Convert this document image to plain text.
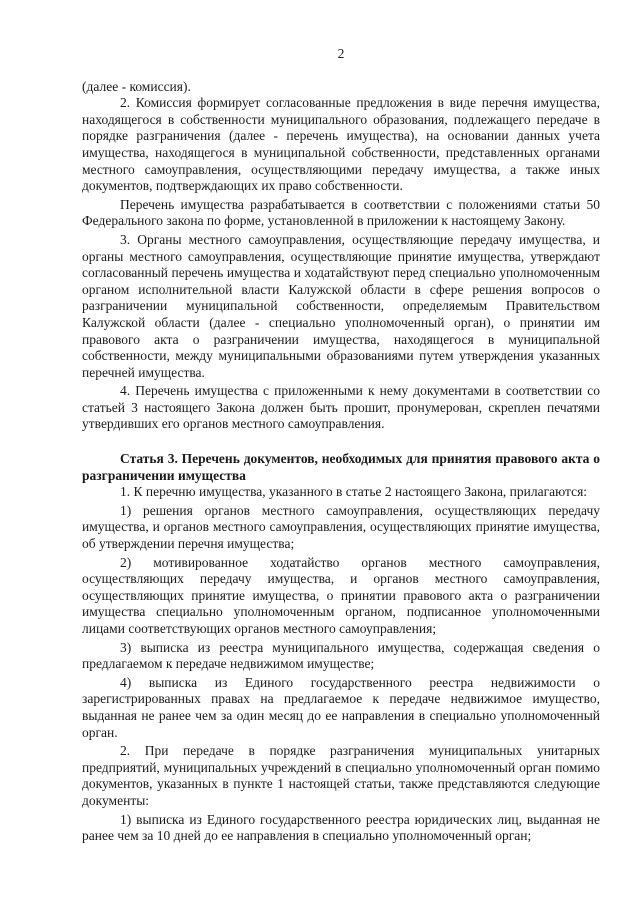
2
(далее - комиссия).
2. Комиссия формирует согласованные предложения в виде перечня имущества, находящегося в собственности муниципального образования, подлежащего передаче в порядке разграничения (далее - перечень имущества), на основании данных учета имущества, находящегося в муниципальной собственности, представленных органами местного самоуправления, осуществляющими передачу имущества, а также иных документов, подтверждающих их право собственности.
Перечень имущества разрабатывается в соответствии с положениями статьи 50 Федерального закона по форме, установленной в приложении к настоящему Закону.
3. Органы местного самоуправления, осуществляющие передачу имущества, и органы местного самоуправления, осуществляющие принятие имущества, утверждают согласованный перечень имущества и ходатайствуют перед специально уполномоченным органом исполнительной власти Калужской области в сфере решения вопросов о разграничении муниципальной собственности, определяемым Правительством Калужской области (далее - специально уполномоченный орган), о принятии им правового акта о разграничении имущества, находящегося в муниципальной собственности, между муниципальными образованиями путем утверждения указанных перечней имущества.
4. Перечень имущества с приложенными к нему документами в соответствии со статьей 3 настоящего Закона должен быть прошит, пронумерован, скреплен печатями утвердивших его органов местного самоуправления.
Статья 3. Перечень документов, необходимых для принятия правового акта о разграничении имущества
1. К перечню имущества, указанного в статье 2 настоящего Закона, прилагаются:
1) решения органов местного самоуправления, осуществляющих передачу имущества, и органов местного самоуправления, осуществляющих принятие имущества, об утверждении перечня имущества;
2) мотивированное ходатайство органов местного самоуправления, осуществляющих передачу имущества, и органов местного самоуправления, осуществляющих принятие имущества, о принятии правового акта о разграничении имущества специально уполномоченным органом, подписанное уполномоченными лицами соответствующих органов местного самоуправления;
3) выписка из реестра муниципального имущества, содержащая сведения о предлагаемом к передаче недвижимом имуществе;
4) выписка из Единого государственного реестра недвижимости о зарегистрированных правах на предлагаемое к передаче недвижимое имущество, выданная не ранее чем за один месяц до ее направления в специально уполномоченный орган.
2. При передаче в порядке разграничения муниципальных унитарных предприятий, муниципальных учреждений в специально уполномоченный орган помимо документов, указанных в пункте 1 настоящей статьи, также представляются следующие документы:
1) выписка из Единого государственного реестра юридических лиц, выданная не ранее чем за 10 дней до ее направления в специально уполномоченный орган;
